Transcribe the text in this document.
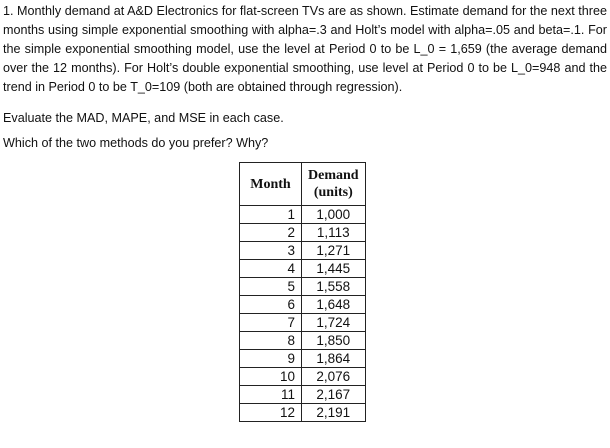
1. Monthly demand at A&D Electronics for flat-screen TVs are as shown. Estimate demand for the next three months using simple exponential smoothing with alpha=.3 and Holt’s model with alpha=.05 and beta=.1. For the simple exponential smoothing model, use the level at Period 0 to be L_0 = 1,659 (the average demand over the 12 months). For Holt’s double exponential smoothing, use level at Period 0 to be L_0=948 and the trend in Period 0 to be T_0=109 (both are obtained through regression).

Evaluate the MAD, MAPE, and MSE in each case.
Which of the two methods do you prefer? Why?
Month	Demand
(units)
1	1,000
2	1,113
3	1,271
4	1,445
5	1,558
6	1,648
7	1,724
8	1,850
9	1,864
10	2,076
11	2,167
12	2,191
